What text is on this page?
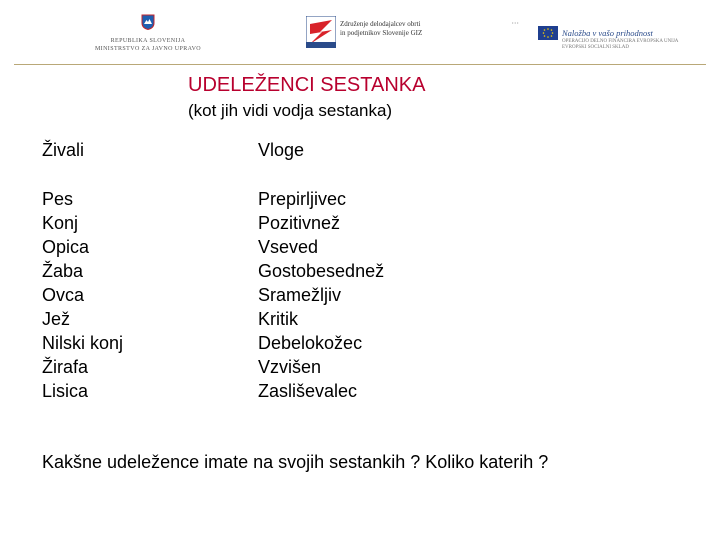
REPUBLIKA SLOVENIJA
MINISTRSTVO ZA JAVNO UPRAVO
Združenje delodajalcev obrti
in podjetnikov Slovenije GIZ
• • •
Naložba v vašo prihodnost
OPERACIJO DELNO FINANCIRA EVROPSKA UNIJA
EVROPSKI SOCIALNI SKLAD
UDELEŽENCI SESTANKA
(kot jih vidi vodja sestanka)
Živali	Vloge
Pes
Konj
Opica
Žaba
Ovca
Jež
Nilski konj
Žirafa
Lisica
Prepirljivec
Pozitivnež
Vseved
Gostobesednež
Sramežljiv
Kritik
Debelokožec
Vzvišen
Zasliševalec
Kakšne udeležence imate na svojih sestankih ? Koliko katerih ?
